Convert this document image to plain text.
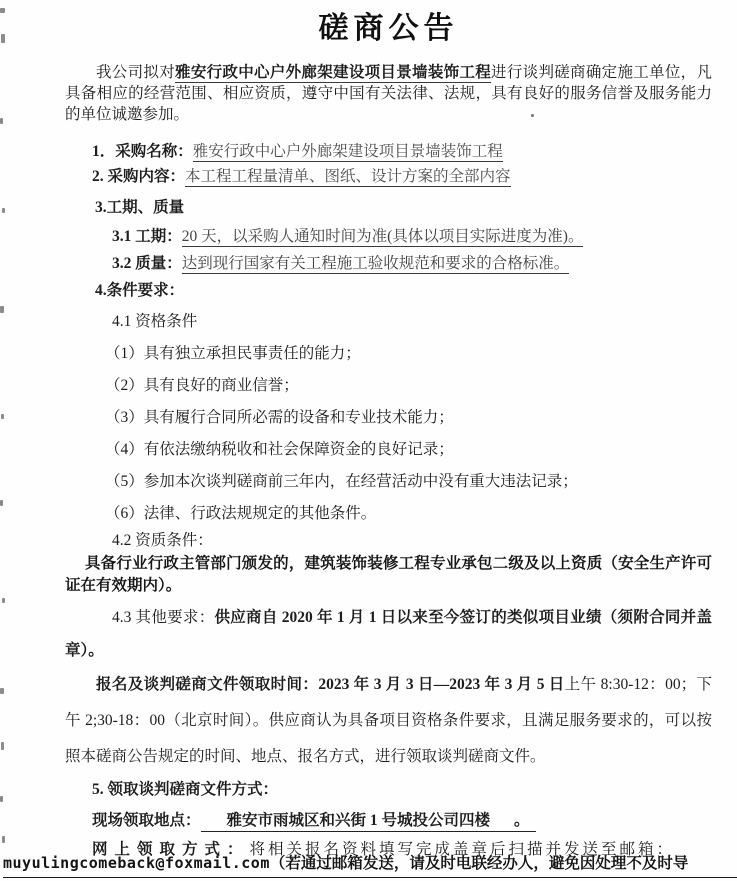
磋商公告

我公司拟对雅安行政中心户外廊架建设项目景墙装饰工程进行谈判磋商确定施工单位，凡具备相应的经营范围、相应资质，遵守中国有关法律、法规，具有良好的服务信誉及服务能力的单位诚邀参加。

1．采购名称：雅安行政中心户外廊架建设项目景墙装饰工程

2. 采购内容：本工程工程量清单、图纸、设计方案的全部内容

3.工期、质量

3.1 工期：20 天，以采购人通知时间为准(具体以项目实际进度为准)。

3.2 质量：达到现行国家有关工程施工验收规范和要求的合格标准。

4.条件要求：

4.1 资格条件

（1）具有独立承担民事责任的能力；

（2）具有良好的商业信誉；

（3）具有履行合同所必需的设备和专业技术能力；

（4）有依法缴纳税收和社会保障资金的良好记录；

（5）参加本次谈判磋商前三年内，在经营活动中没有重大违法记录；

（6）法律、行政法规规定的其他条件。

4.2 资质条件：

具备行业行政主管部门颁发的，建筑装饰装修工程专业承包二级及以上资质（安全生产许可证在有效期内）。

4.3 其他要求：供应商自 2020 年 1 月 1 日以来至今签订的类似项目业绩（须附合同并盖章）。

报名及谈判磋商文件领取时间：2023 年 3 月 3 日—2023 年 3 月 5 日上午 8:30-12：00；下午 2;30-18：00（北京时间）。供应商认为具备项目资格条件要求，且满足服务要求的，可以按照本磋商公告规定的时间、地点、报名方式，进行领取谈判磋商文件。

5. 领取谈判磋商文件方式：

现场领取地点： 雅安市雨城区和兴街 1 号城投公司四楼 。

网上领取方式：将相关报名资料填写完成盖章后扫描并发送至邮箱：

muyulingcomeback@foxmail.com（若通过邮箱发送，请及时电联经办人，避免因处理不及时导
